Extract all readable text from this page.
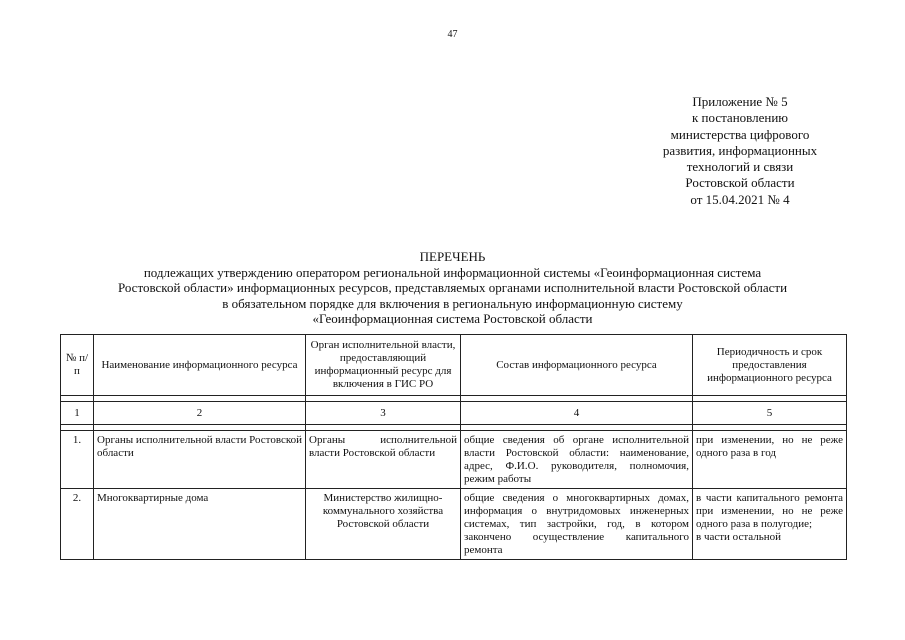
47
Приложение № 5
к постановлению
министерства цифрового
развития, информационных
технологий и связи
Ростовской области
от 15.04.2021 № 4
ПЕРЕЧЕНЬ
подлежащих утверждению оператором региональной информационной системы «Геоинформационная система
Ростовской области» информационных ресурсов, представляемых органами исполнительной власти Ростовской области
в обязательном порядке для включения в региональную информационную систему
«Геоинформационная система Ростовской области
№ п/п	Наименование информационного ресурса	Орган исполнительной власти, предоставляющий информационный ресурс для включения в ГИС РО	Состав информационного ресурса	Периодичность и срок предоставления информационного ресурса

1	2	3	4	5

1.	Органы исполнительной власти Ростовской области	Органы исполнительной власти Ростовской области	общие сведения об органе исполнительной власти Ростовской области: наименование, адрес, Ф.И.О. руководителя, полномочия, режим работы	при изменении, но не реже одного раза в год
2.	Многоквартирные дома	Министерство жилищно-коммунального хозяйства Ростовской области	общие сведения о многоквартирных домах, информация о внутридомовых инженерных системах, тип застройки, год, в котором закончено осуществление капитального ремонта	в части капитального ремонта при изменении, но не реже одного раза в полугодие;
в части остальной
